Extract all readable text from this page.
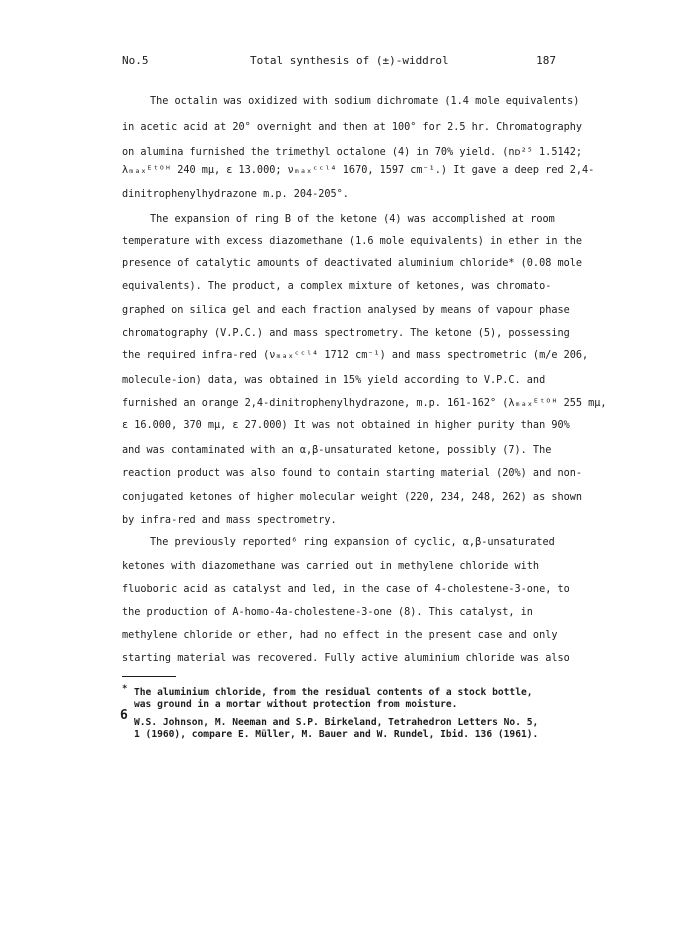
No.5	Total synthesis of (±)-widdrol	187
The octalin was oxidized with sodium dichromate (1.4 mole equivalents)
in acetic acid at 20° overnight and then at 100° for 2.5 hr. Chromatography
on alumina furnished the trimethyl octalone (4) in 70% yield. (nᴅ²⁵ 1.5142;
λₘₐₓᴱᵗᴼᴴ 240 mμ, ε 13.000; νₘₐₓᶜᶜˡ⁴ 1670, 1597 cm⁻¹.) It gave a deep red 2,4-
dinitrophenylhydrazone m.p. 204-205°.
The expansion of ring B of the ketone (4) was accomplished at room
temperature with excess diazomethane (1.6 mole equivalents) in ether in the
presence of catalytic amounts of deactivated aluminium chloride* (0.08 mole
equivalents). The product, a complex mixture of ketones, was chromato-
graphed on silica gel and each fraction analysed by means of vapour phase
chromatography (V.P.C.) and mass spectrometry. The ketone (5), possessing
the required infra-red (νₘₐₓᶜᶜˡ⁴ 1712 cm⁻¹) and mass spectrometric (m/e 206,
molecule-ion) data, was obtained in 15% yield according to V.P.C. and
furnished an orange 2,4-dinitrophenylhydrazone, m.p. 161-162° (λₘₐₓᴱᵗᴼᴴ 255 mμ,
ε 16.000, 370 mμ, ε 27.000) It was not obtained in higher purity than 90%
and was contaminated with an α,β-unsaturated ketone, possibly (7). The
reaction product was also found to contain starting material (20%) and non-
conjugated ketones of higher molecular weight (220, 234, 248, 262) as shown
by infra-red and mass spectrometry.
The previously reported⁶ ring expansion of cyclic, α,β-unsaturated
ketones with diazomethane was carried out in methylene chloride with
fluoboric acid as catalyst and led, in the case of 4-cholestene-3-one, to
the production of A-homo-4a-cholestene-3-one (8). This catalyst, in
methylene chloride or ether, had no effect in the present case and only
starting material was recovered. Fully active aluminium chloride was also
* The aluminium chloride, from the residual contents of a stock bottle,
was ground in a mortar without protection from moisture.
6 W.S. Johnson, M. Neeman and S.P. Birkeland, Tetrahedron Letters No. 5,
1 (1960), compare E. Müller, M. Bauer and W. Rundel, Ibid. 136 (1961).
